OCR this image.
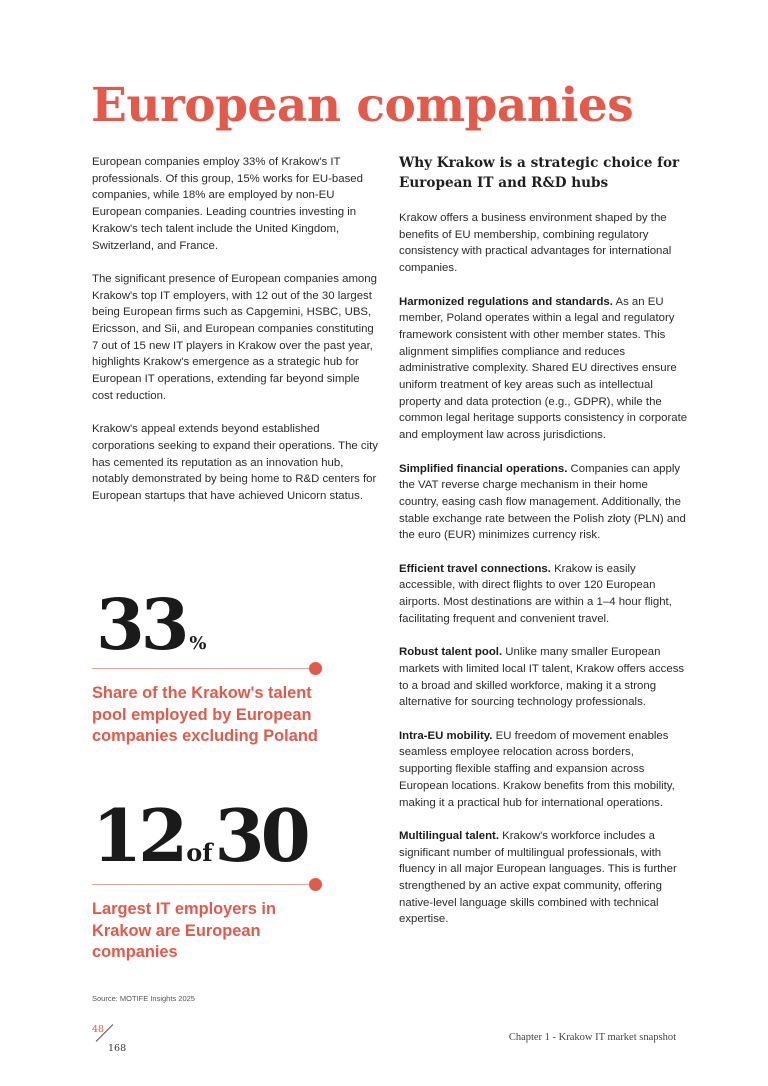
European companies

European companies employ 33% of Krakow's IT professionals. Of this group, 15% works for EU-based companies, while 18% are employed by non-EU European companies. Leading countries investing in Krakow's tech talent include the United Kingdom, Switzerland, and France.

The significant presence of European companies among Krakow's top IT employers, with 12 out of the 30 largest being European firms such as Capgemini, HSBC, UBS, Ericsson, and Sii, and European companies constituting 7 out of 15 new IT players in Krakow over the past year, highlights Krakow's emergence as a strategic hub for European IT operations, extending far beyond simple cost reduction.

Krakow's appeal extends beyond established corporations seeking to expand their operations. The city has cemented its reputation as an innovation hub, notably demonstrated by being home to R&D centers for European startups that have achieved Unicorn status.

Why Krakow is a strategic choice for European IT and R&D hubs

Krakow offers a business environment shaped by the benefits of EU membership, combining regulatory consistency with practical advantages for international companies.

Harmonized regulations and standards. As an EU member, Poland operates within a legal and regulatory framework consistent with other member states. This alignment simplifies compliance and reduces administrative complexity. Shared EU directives ensure uniform treatment of key areas such as intellectual property and data protection (e.g., GDPR), while the common legal heritage supports consistency in corporate and employment law across jurisdictions.

Simplified financial operations. Companies can apply the VAT reverse charge mechanism in their home country, easing cash flow management. Additionally, the stable exchange rate between the Polish złoty (PLN) and the euro (EUR) minimizes currency risk.

Efficient travel connections. Krakow is easily accessible, with direct flights to over 120 European airports. Most destinations are within a 1–4 hour flight, facilitating frequent and convenient travel.

Robust talent pool. Unlike many smaller European markets with limited local IT talent, Krakow offers access to a broad and skilled workforce, making it a strong alternative for sourcing technology professionals.

Intra-EU mobility. EU freedom of movement enables seamless employee relocation across borders, supporting flexible staffing and expansion across European locations. Krakow benefits from this mobility, making it a practical hub for international operations.

Multilingual talent. Krakow's workforce includes a significant number of multilingual professionals, with fluency in all major European languages. This is further strengthened by an active expat community, offering native-level language skills combined with technical expertise.

33 %
Share of the Krakow's talent pool employed by European companies excluding Poland
12 of 30
Largest IT employers in Krakow are European companies
Source: MOTIFE Insights 2025
48
168
Chapter 1 - Krakow IT market snapshot
